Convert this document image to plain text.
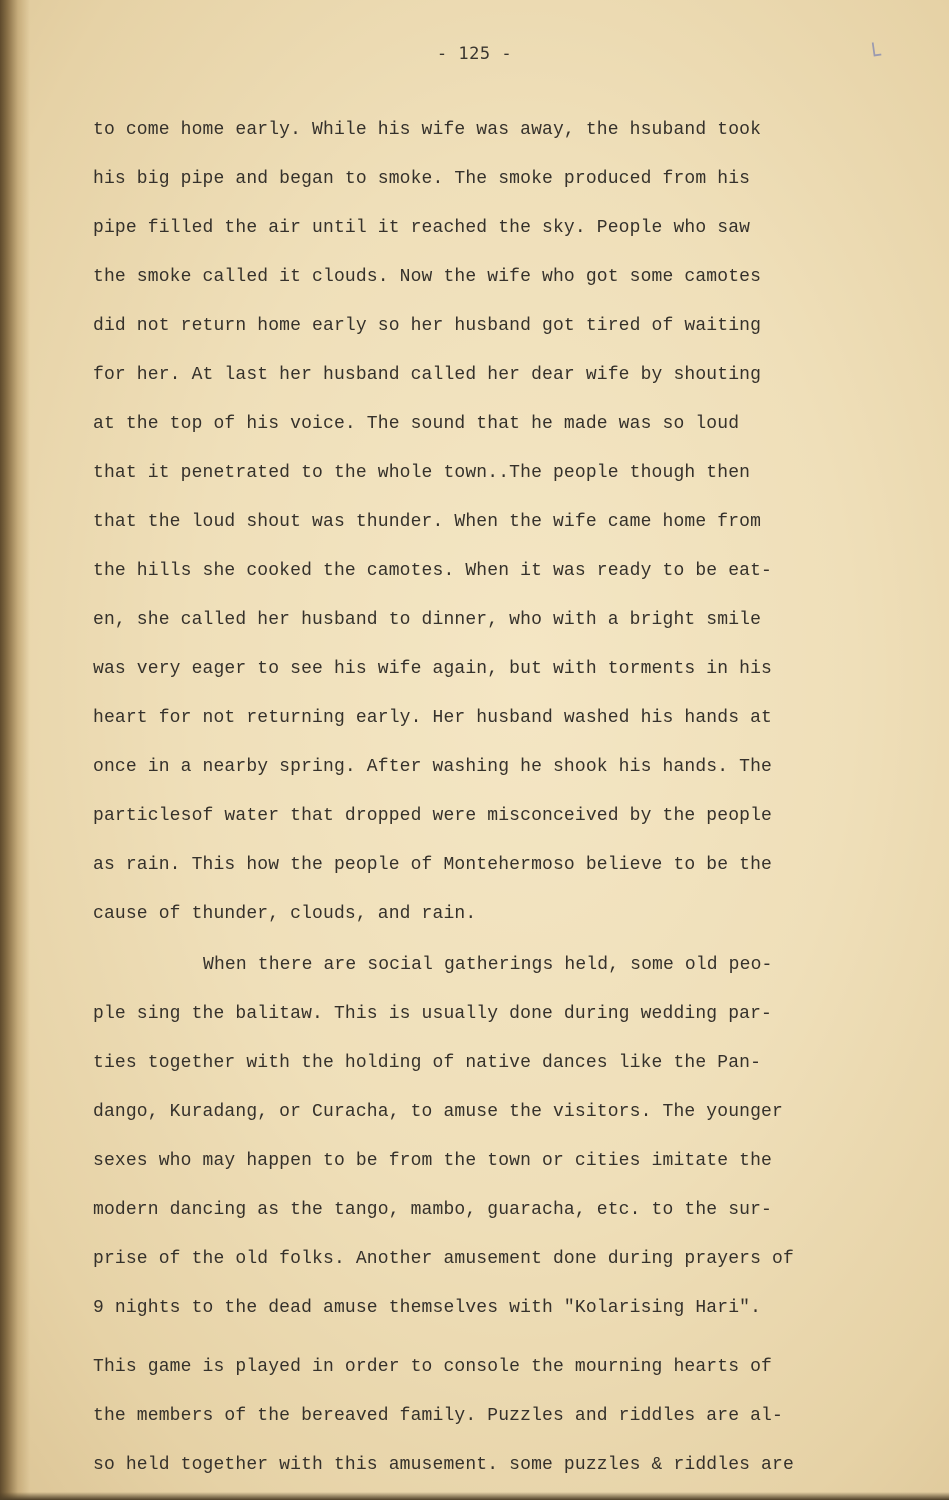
- 125 -	└

to come home early. While his wife was away, the hsuband took

his big pipe and began to smoke. The smoke produced from his

pipe filled the air until it reached the sky. People who saw

the smoke called it clouds. Now the wife who got some camotes

did not return home early so her husband got tired of waiting

for her. At last her husband called her dear wife by shouting

at the top of his voice. The sound that he made was so loud

that it penetrated to the whole town..The people though then

that the loud shout was thunder. When the wife came home from

the hills she cooked the camotes. When it was ready to be eat-

en, she called her husband to dinner, who with a bright smile

was very eager to see his wife again, but with torments in his

heart for not returning early. Her husband washed his hands at

once in a nearby spring. After washing he shook his hands. The

particlesof water that dropped were misconceived by the people

as rain. This how the people of Montehermoso believe to be the

cause of thunder, clouds, and rain.

When there are social gatherings held, some old peo-

ple sing the balitaw. This is usually done during wedding par-

ties together with the holding of native dances like the Pan-

dango, Kuradang, or Curacha, to amuse the visitors. The younger

sexes who may happen to be from the town or cities imitate the

modern dancing as the tango, mambo, guaracha, etc. to the sur-

prise of the old folks. Another amusement done during prayers of

9 nights to the dead amuse themselves with "Kolarising Hari".

This game is played in order to console the mourning hearts of

the members of the bereaved family. Puzzles and riddles are al-

so held together with this amusement. some puzzles & riddles are
